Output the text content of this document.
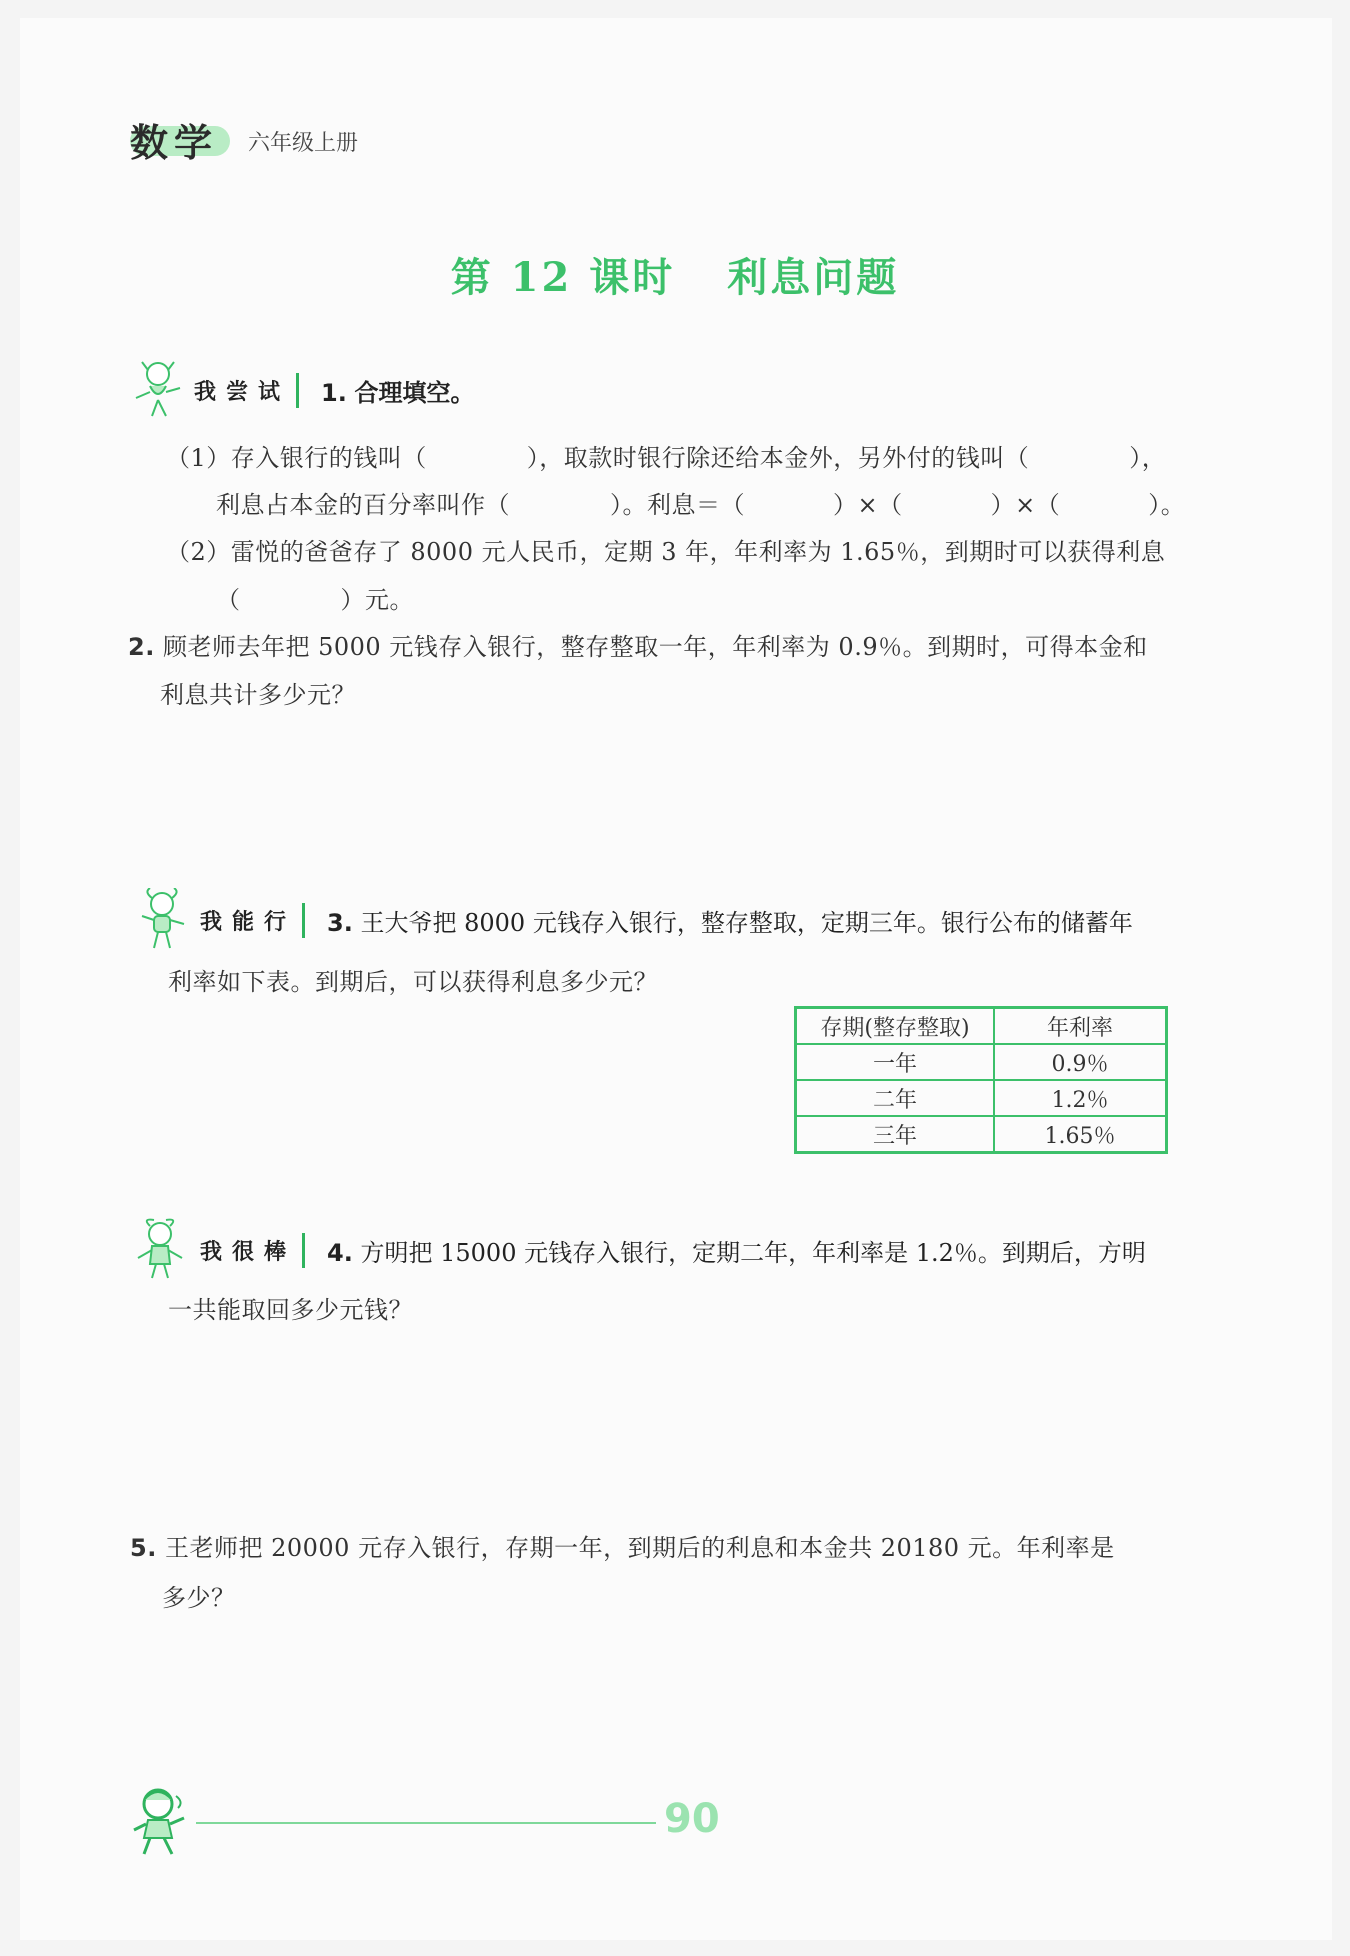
数学 六年级上册
第 12 课时 利息问题
我尝试	1. 合理填空。
（1）存入银行的钱叫（	），取款时银行除还给本金外，另外付的钱叫（	），
利息占本金的百分率叫作（	）。利息＝（	）×（	）×（	）。
（2）雷悦的爸爸存了 8000 元人民币，定期 3 年，年利率为 1.65％，到期时可以获得利息
（	）元。
2. 顾老师去年把 5000 元钱存入银行，整存整取一年，年利率为 0.9％。到期时，可得本金和
利息共计多少元？
我能行	3. 王大爷把 8000 元钱存入银行，整存整取，定期三年。银行公布的储蓄年
利率如下表。到期后，可以获得利息多少元？
存期(整存整取)	年利率
一年	0.9％
二年	1.2％
三年	1.65％
我很棒	4. 方明把 15000 元钱存入银行，定期二年，年利率是 1.2％。到期后，方明
一共能取回多少元钱？
5. 王老师把 20000 元存入银行，存期一年，到期后的利息和本金共 20180 元。年利率是
多少？
90
